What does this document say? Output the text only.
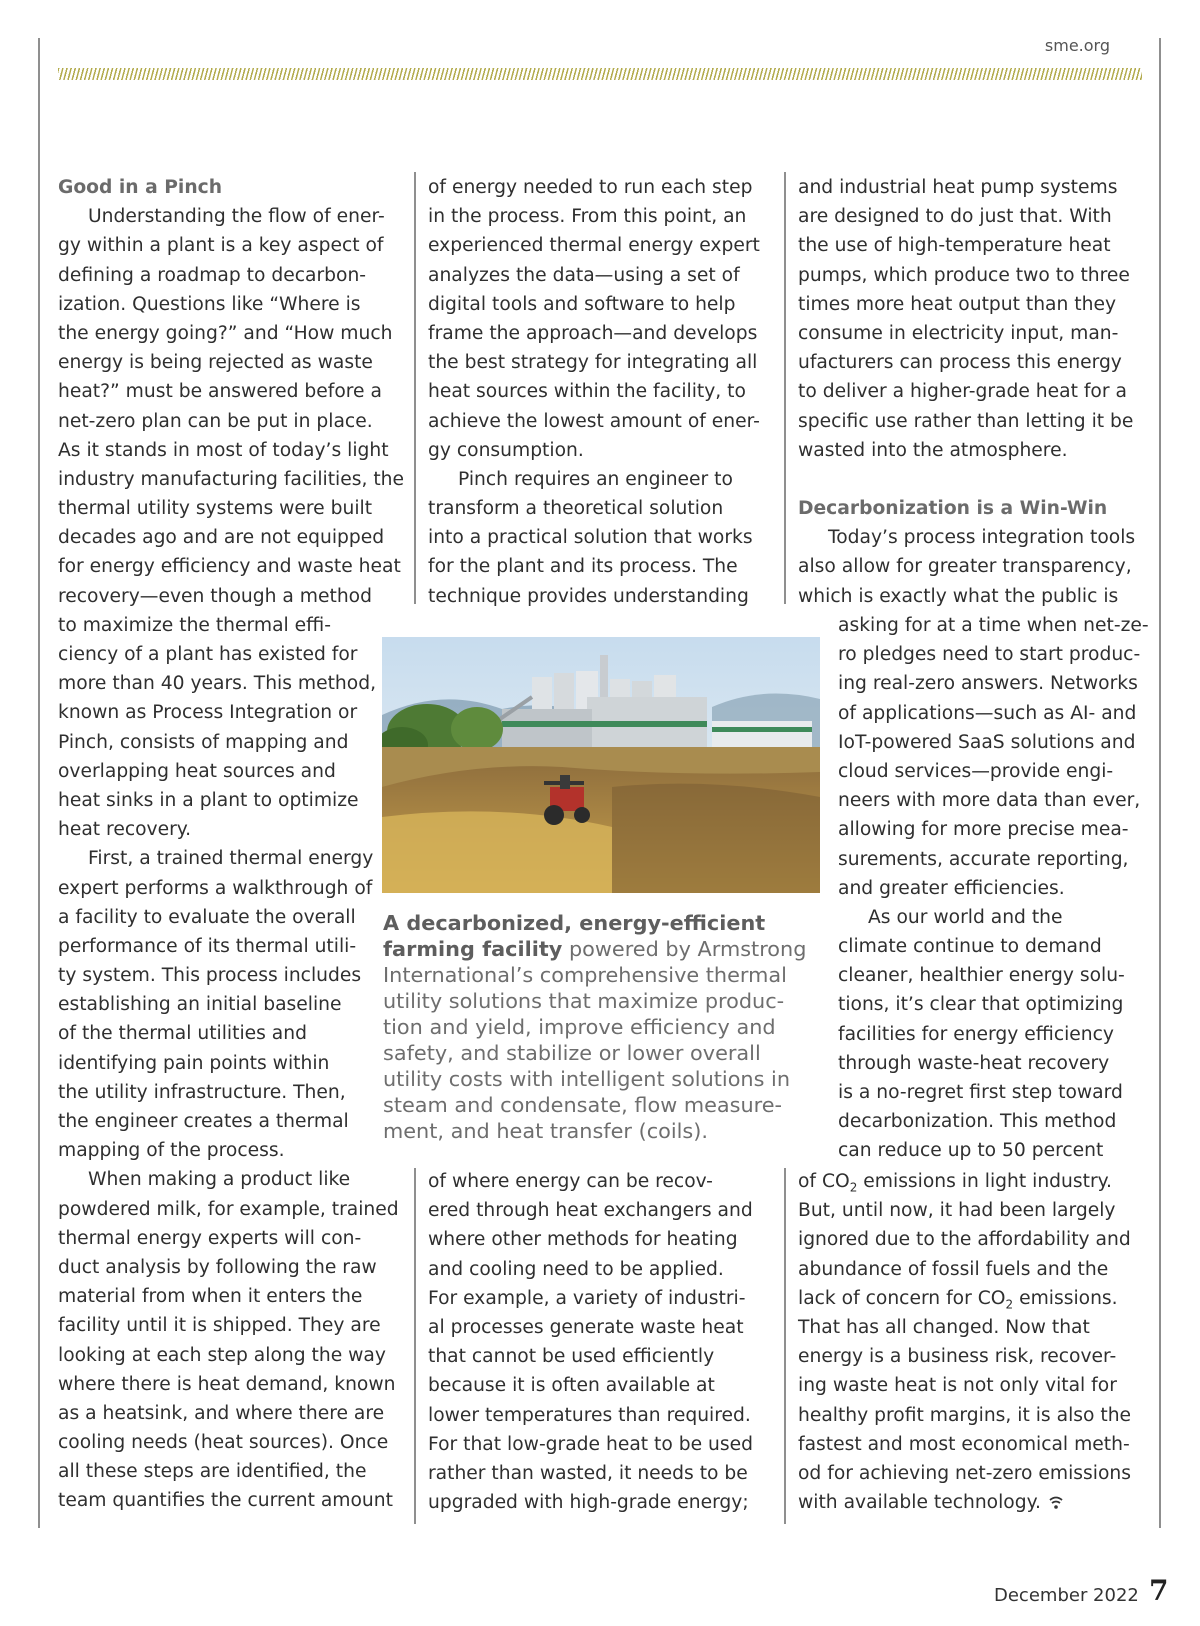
sme.org
Good in a Pinch
Understanding the flow of ener-
gy within a plant is a key aspect of
defining a roadmap to decarbon-
ization. Questions like “Where is
the energy going?” and “How much
energy is being rejected as waste
heat?” must be answered before a
net-zero plan can be put in place.
As it stands in most of today’s light
industry manufacturing facilities, the
thermal utility systems were built
decades ago and are not equipped
for energy efficiency and waste heat
recovery—even though a method
to maximize the thermal effi-
ciency of a plant has existed for
more than 40 years. This method,
known as Process Integration or
Pinch, consists of mapping and
overlapping heat sources and
heat sinks in a plant to optimize
heat recovery.
First, a trained thermal energy
expert performs a walkthrough of
a facility to evaluate the overall
performance of its thermal utili-
ty system. This process includes
establishing an initial baseline
of the thermal utilities and
identifying pain points within
the utility infrastructure. Then,
the engineer creates a thermal
mapping of the process.
When making a product like
powdered milk, for example, trained
thermal energy experts will con-
duct analysis by following the raw
material from when it enters the
facility until it is shipped. They are
looking at each step along the way
where there is heat demand, known
as a heatsink, and where there are
cooling needs (heat sources). Once
all these steps are identified, the
team quantifies the current amount
of energy needed to run each step
in the process. From this point, an
experienced thermal energy expert
analyzes the data—using a set of
digital tools and software to help
frame the approach—and develops
the best strategy for integrating all
heat sources within the facility, to
achieve the lowest amount of ener-
gy consumption.
Pinch requires an engineer to
transform a theoretical solution
into a practical solution that works
for the plant and its process. The
technique provides understanding
A decarbonized, energy-efficient
farming facility powered by Armstrong
International’s comprehensive thermal
utility solutions that maximize produc-
tion and yield, improve efficiency and
safety, and stabilize or lower overall
utility costs with intelligent solutions in
steam and condensate, flow measure-
ment, and heat transfer (coils).
of where energy can be recov-
ered through heat exchangers and
where other methods for heating
and cooling need to be applied.
For example, a variety of industri-
al processes generate waste heat
that cannot be used efficiently
because it is often available at
lower temperatures than required.
For that low-grade heat to be used
rather than wasted, it needs to be
upgraded with high-grade energy;
and industrial heat pump systems
are designed to do just that. With
the use of high-temperature heat
pumps, which produce two to three
times more heat output than they
consume in electricity input, man-
ufacturers can process this energy
to deliver a higher-grade heat for a
specific use rather than letting it be
wasted into the atmosphere.
Decarbonization is a Win-Win
Today’s process integration tools
also allow for greater transparency,
which is exactly what the public is
asking for at a time when net-ze-
ro pledges need to start produc-
ing real-zero answers. Networks
of applications—such as AI- and
IoT-powered SaaS solutions and
cloud services—provide engi-
neers with more data than ever,
allowing for more precise mea-
surements, accurate reporting,
and greater efficiencies.
As our world and the
climate continue to demand
cleaner, healthier energy solu-
tions, it’s clear that optimizing
facilities for energy efficiency
through waste-heat recovery
is a no-regret first step toward
decarbonization. This method
can reduce up to 50 percent
of $CO_2$ emissions in light industry.
But, until now, it had been largely
ignored due to the affordability and
abundance of fossil fuels and the
lack of concern for $CO_2$ emissions.
That has all changed. Now that
energy is a business risk, recover-
ing waste heat is not only vital for
healthy profit margins, it is also the
fastest and most economical meth-
od for achieving net-zero emissions
with available technology.
December 2022 7
